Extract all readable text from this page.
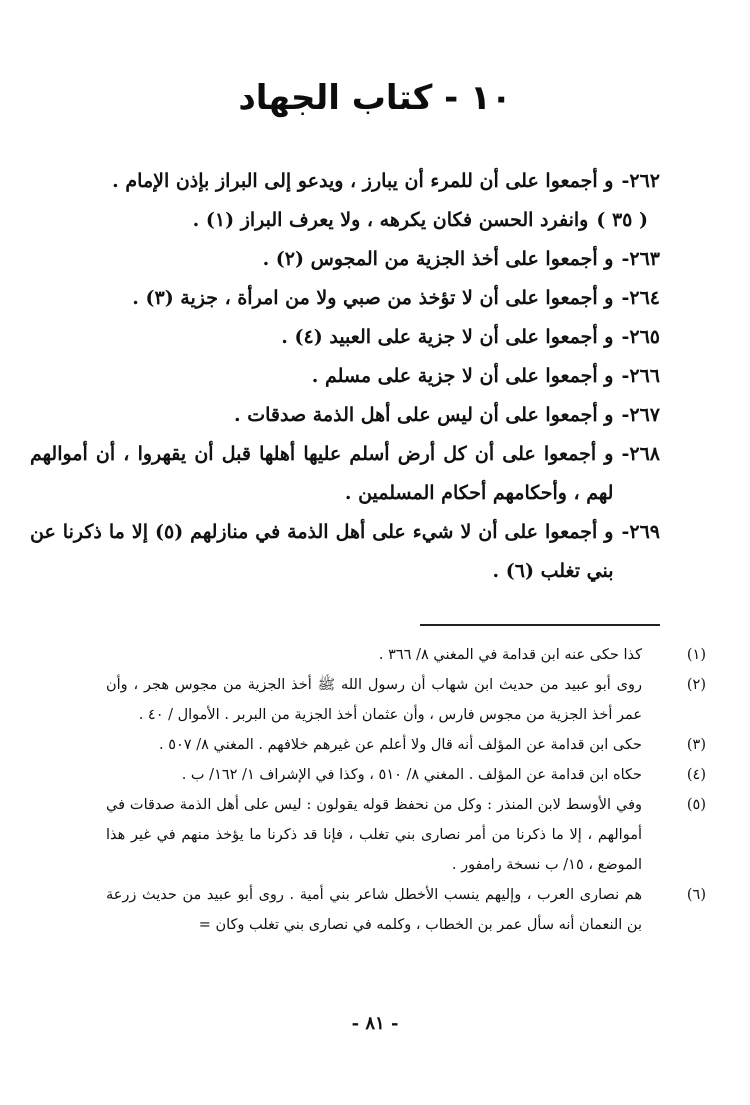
١٠ - كتاب الجهاد
٢٦٢-
و أجمعوا على أن للمرء أن يبارز ، ويدعو إلى البراز بإذن الإمام .
( ٣٥ )
وانفرد الحسن فكان يكرهه ، ولا يعرف البراز (١) .
٢٦٣-
و أجمعوا على أخذ الجزية من المجوس (٢) .
٢٦٤-
و أجمعوا على أن لا تؤخذ من صبي ولا من امرأة ، جزية (٣) .
٢٦٥-
و أجمعوا على أن لا جزية على العبيد (٤) .
٢٦٦-
و أجمعوا على أن لا جزية على مسلم .
٢٦٧-
و أجمعوا على أن ليس على أهل الذمة صدقات .
٢٦٨-
و أجمعوا على أن كل أرض أسلم عليها أهلها قبل أن يقهروا ، أن أموالهم لهم ، وأحكامهم أحكام المسلمين .
٢٦٩-
و أجمعوا على أن لا شيء على أهل الذمة في منازلهم (٥) إلا ما ذكرنا عن بني تغلب (٦) .
(١)
كذا حكى عنه ابن قدامة في المغني ٨/ ٣٦٦ .
(٢)
روى أبو عبيد من حديث ابن شهاب أن رسول الله ﷺ أخذ الجزية من مجوس هجر ، وأن عمر أخذ الجزية من مجوس فارس ، وأن عثمان أخذ الجزية من البربر . الأموال / ٤٠ .
(٣)
حكى ابن قدامة عن المؤلف أنه قال ولا أعلم عن غيرهم خلافهم . المغني ٨/ ٥٠٧ .
(٤)
حكاه ابن قدامة عن المؤلف . المغني ٨/ ٥١٠ ، وكذا في الإشراف ١/ ١٦٢/ ب .
(٥)
وفي الأوسط لابن المنذر : وكل من نحفظ قوله يقولون : ليس على أهل الذمة صدقات في أموالهم ، إلا ما ذكرنا من أمر نصارى بني تغلب ، فإنا قد ذكرنا ما يؤخذ منهم في غير هذا الموضع ، ١٥/ ب نسخة رامفور .
(٦)
هم نصارى العرب ، وإليهم ينسب الأخطل شاعر بني أمية . روى أبو عبيد من حديث زرعة بن النعمان أنه سأل عمر بن الخطاب ، وكلمه في نصارى بني تغلب وكان =
- ٨١ -
